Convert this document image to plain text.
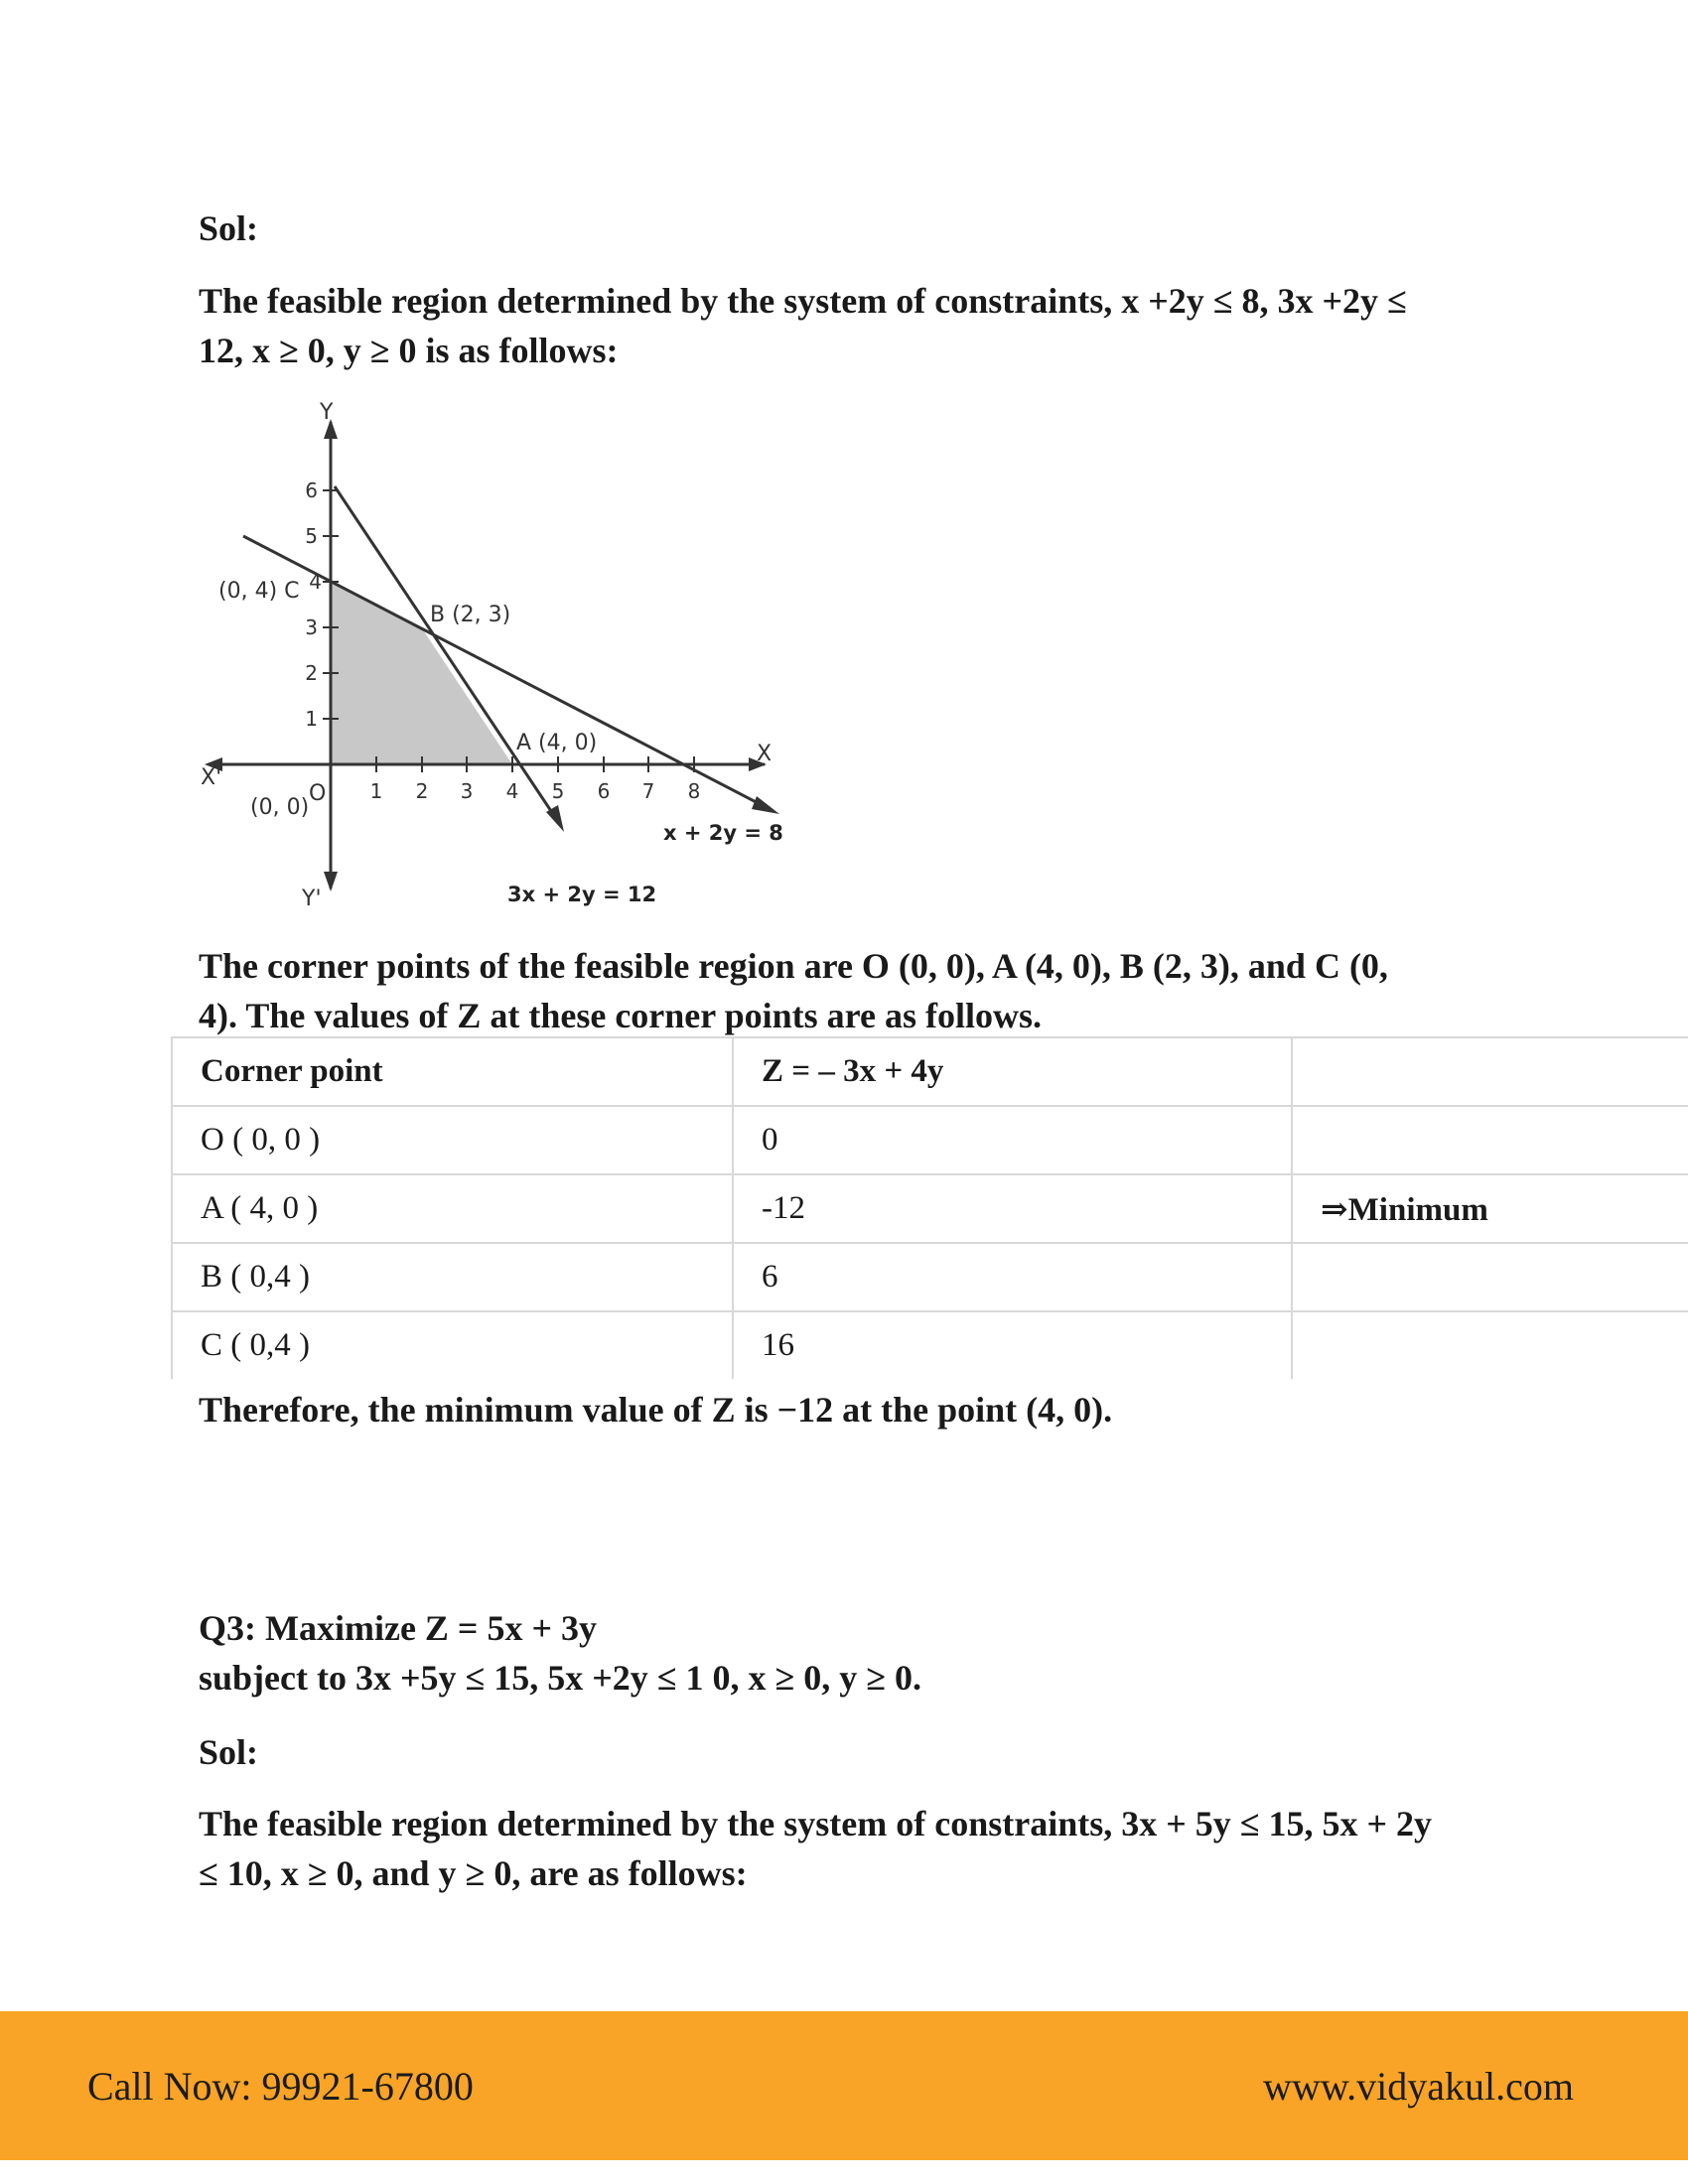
Sol:

The feasible region determined by the system of constraints, x +2y ≤ 8, 3x +2y ≤
12, x ≥ 0, y ≥ 0 is as follows:

1 2 3 4 5 6 7 8
1
2
3
4
5
6
Y
X
X'
Y'
O
(0, 0)
B (2, 3)
A (4, 0)
(0, 4) C
x + 2y = 8
3x + 2y = 12

The corner points of the feasible region are O (0, 0), A (4, 0), B (2, 3), and C (0,
4). The values of Z at these corner points are as follows.

Corner point	Z = – 3x + 4y	
O ( 0, 0 )	0	
A ( 4, 0 )	-12	⇒Minimum
B ( 0,4 )	6	
C ( 0,4 )	16	

Therefore, the minimum value of Z is −12 at the point (4, 0).

Q3: Maximize Z = 5x + 3y
subject to 3x +5y ≤ 15, 5x +2y ≤ 1 0, x ≥ 0, y ≥ 0.

Sol:

The feasible region determined by the system of constraints, 3x + 5y ≤ 15, 5x + 2y
≤ 10, x ≥ 0, and y ≥ 0, are as follows:

Call Now: 99921-67800	www.vidyakul.com
